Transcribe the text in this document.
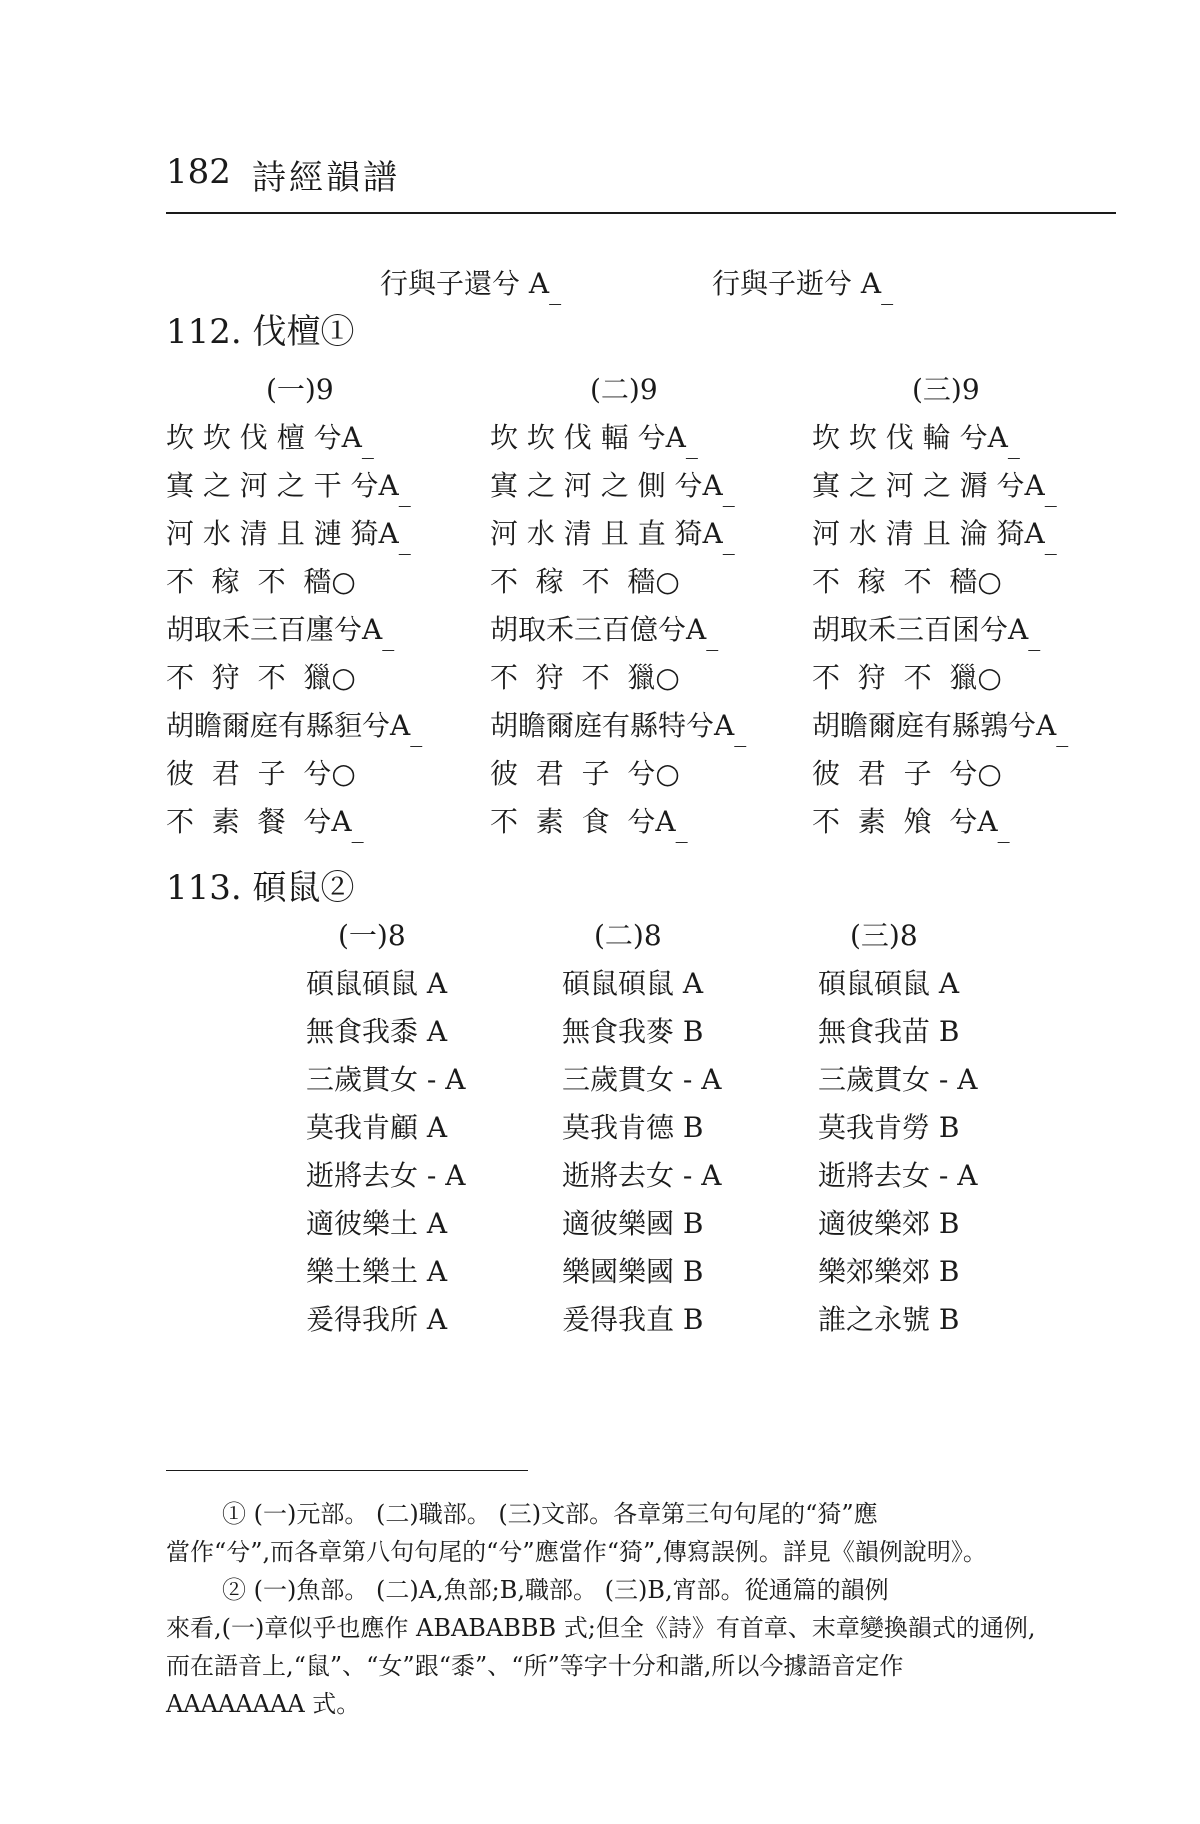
182 詩經韻譜
行與子還兮 $A_{\_}$	行與子逝兮 $A_{\_}$
112. 伐檀①
(一)9	(二)9	(三)9
坎 坎 伐 檀 兮$A_{\_}$	坎 坎 伐 輻 兮$A_{\_}$	坎 坎 伐 輪 兮$A_{\_}$
寘 之 河 之 干 兮$A_{\_}$	寘 之 河 之 側 兮$A_{\_}$	寘 之 河 之 漘 兮$A_{\_}$
河 水 清 且 漣 猗$A_{\_}$	河 水 清 且 直 猗$A_{\_}$	河 水 清 且 淪 猗$A_{\_}$
不  稼  不  穡○	不  稼  不  穡○	不  稼  不  穡○
胡取禾三百廛兮$A_{\_}$	胡取禾三百億兮$A_{\_}$	胡取禾三百囷兮$A_{\_}$
不  狩  不  獵○	不  狩  不  獵○	不  狩  不  獵○
胡瞻爾庭有縣貆兮$A_{\_}$ 胡瞻爾庭有縣特兮$A_{\_}$ 胡瞻爾庭有縣鶉兮$A_{\_}$
彼  君  子  兮○	彼  君  子  兮○	彼  君  子  兮○
不  素  餐  兮$A_{\_}$	不  素  食  兮$A_{\_}$	不  素  飧  兮$A_{\_}$
113. 碩鼠②
(一)8	(二)8	(三)8
碩鼠碩鼠 A	碩鼠碩鼠 A	碩鼠碩鼠 A
無食我黍 A	無食我麥 B	無食我苗 B
三歲貫女 - A	三歲貫女 - A	三歲貫女 - A
莫我肯顧 A	莫我肯德 B	莫我肯勞 B
逝將去女 - A	逝將去女 - A	逝將去女 - A
適彼樂土 A	適彼樂國 B	適彼樂郊 B
樂土樂土 A	樂國樂國 B	樂郊樂郊 B
爰得我所 A	爰得我直 B	誰之永號 B
① (一)元部。 (二)職部。 (三)文部。各章第三句句尾的“猗”應
當作“兮”,而各章第八句句尾的“兮”應當作“猗”,傳寫誤例。詳見《韻例說明》。
② (一)魚部。 (二)A,魚部;B,職部。 (三)B,宵部。從通篇的韻例
來看,(一)章似乎也應作 ABABABBB 式;但全《詩》有首章、末章變換韻式的通例,
而在語音上,“鼠”、“女”跟“黍”、“所”等字十分和諧,所以今據語音定作
AAAAAAAA 式。
